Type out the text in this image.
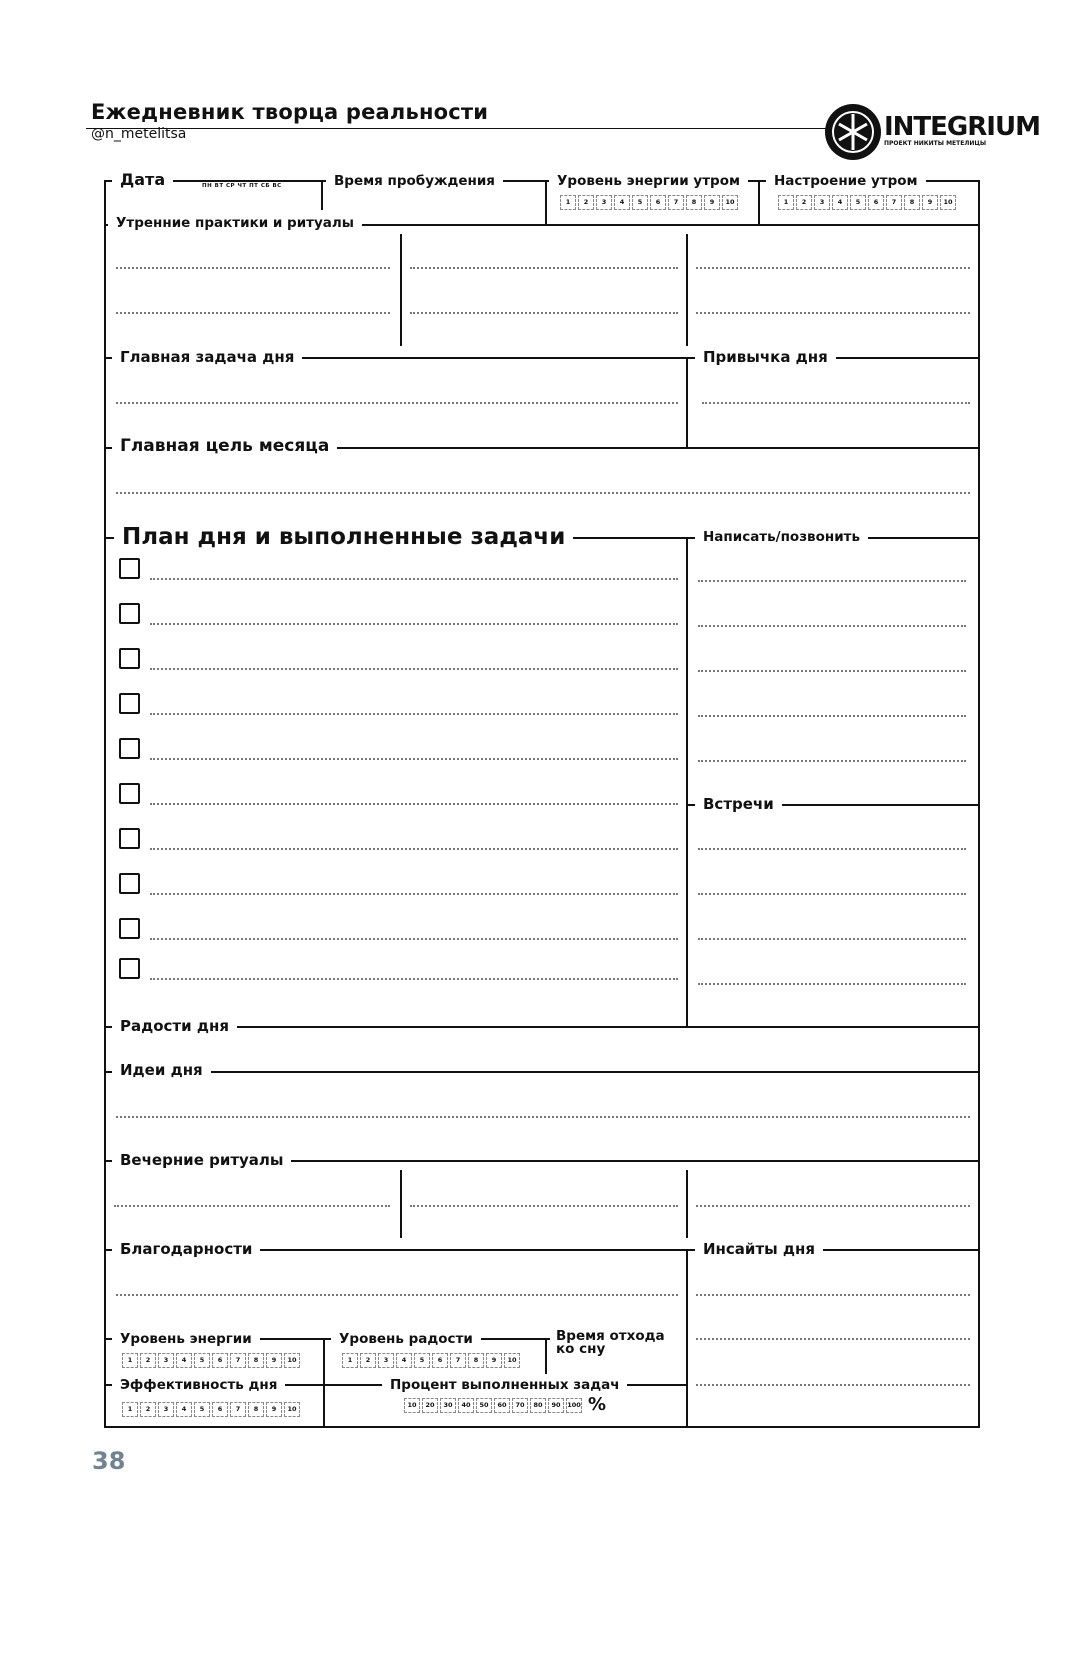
Ежедневник творца реальности
@n_metelitsa	INTEGRIUM
ПРОЕКТ НИКИТЫ МЕТЕЛИЦЫ
Дата	ПН ВТ СР ЧТ ПТ СБ ВС	Время пробуждения	Уровень энергии утром
1	2	3	4	5	6	7	8	9	10
Настроение утром
1	2	3	4	5	6	7	8	9	10
Утренние практики и ритуалы
Главная задача дня	Привычка дня
Главная цель месяца
План дня и выполненные задачи	Написать/позвонить
Встречи
Радости дня
Идеи дня
Вечерние ритуалы
Благодарности	Инсайты дня
Уровень энергии
1	2	3	4	5	6	7	8	9	10
Уровень радости
1	2	3	4	5	6	7	8	9	10
Время отхода ко сну
Эффективность дня
1	2	3	4	5	6	7	8	9	10
Процент выполненных задач
10	20	30	40	50	60	70	80	90	100 %
38
